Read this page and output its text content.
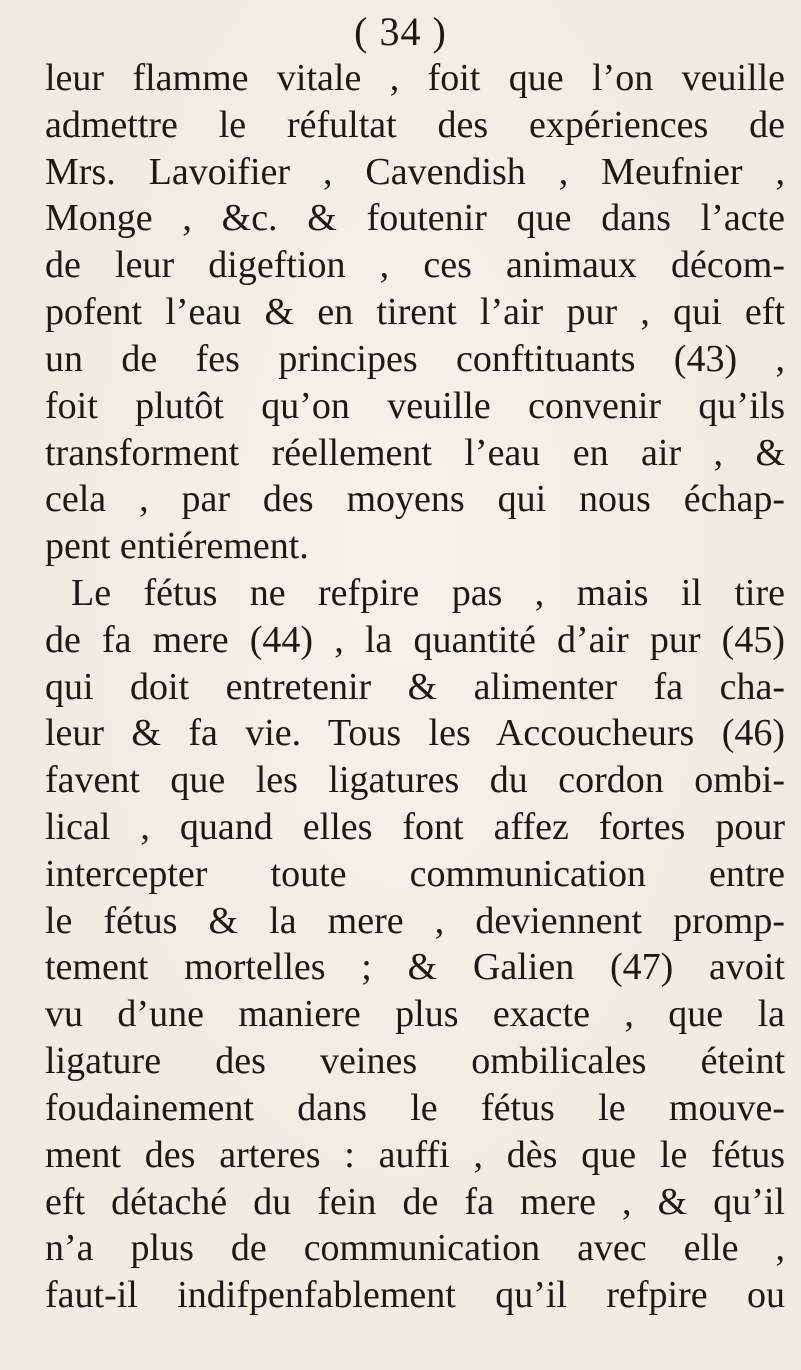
( 34 )
leur flamme vitale , foit que l’on veuille
admettre le réfultat des expériences de
Mrs. Lavoifier , Cavendish , Meufnier ,
Monge , &c. & foutenir que dans l’acte
de leur digeftion , ces animaux décom-
pofent l’eau & en tirent l’air pur , qui eft
un de fes principes conftituants (43) ,
foit plutôt qu’on veuille convenir qu’ils
transforment réellement l’eau en air , &
cela , par des moyens qui nous échap-
pent entiérement.
Le fétus ne refpire pas , mais il tire
de fa mere (44) , la quantité d’air pur (45)
qui doit entretenir & alimenter fa cha-
leur & fa vie. Tous les Accoucheurs (46)
favent que les ligatures du cordon ombi-
lical , quand elles font affez fortes pour
intercepter toute communication entre
le fétus & la mere , deviennent promp-
tement mortelles ; & Galien (47) avoit
vu d’une maniere plus exacte , que la
ligature des veines ombilicales éteint
foudainement dans le fétus le mouve-
ment des arteres : auffi , dès que le fétus
eft détaché du fein de fa mere , & qu’il
n’a plus de communication avec elle ,
faut-il indifpenfablement qu’il refpire ou
